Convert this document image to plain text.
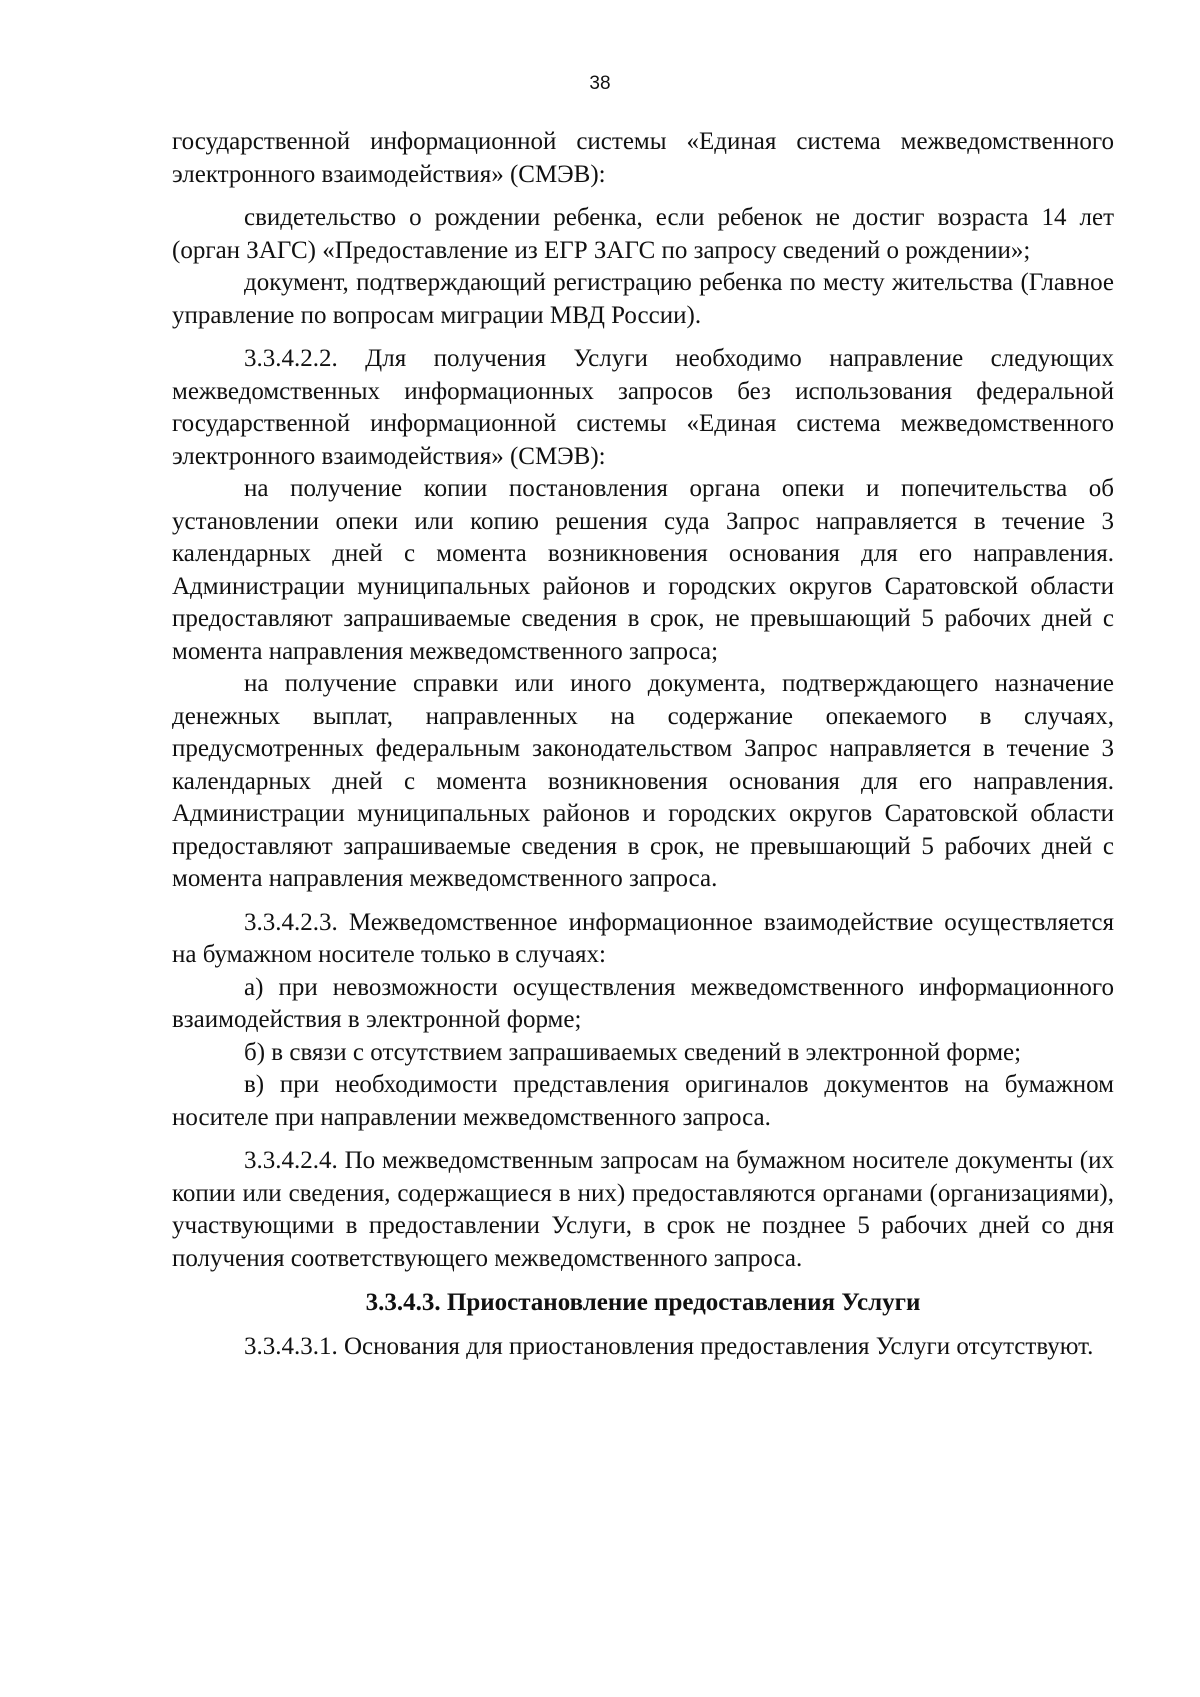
38

государственной информационной системы «Единая система межведомственного электронного взаимодействия» (СМЭВ):

свидетельство о рождении ребенка, если ребенок не достиг возраста 14 лет (орган ЗАГС) «Предоставление из ЕГР ЗАГС по запросу сведений о рождении»;

документ, подтверждающий регистрацию ребенка по месту жительства (Главное управление по вопросам миграции МВД России).

3.3.4.2.2. Для получения Услуги необходимо направление следующих межведомственных информационных запросов без использования федеральной государственной информационной системы «Единая система межведомственного электронного взаимодействия» (СМЭВ):

на получение копии постановления органа опеки и попечительства об установлении опеки или копию решения суда Запрос направляется в течение 3 календарных дней с момента возникновения основания для его направления. Администрации муниципальных районов и городских округов Саратовской области предоставляют запрашиваемые сведения в срок, не превышающий 5 рабочих дней с момента направления межведомственного запроса;

на получение справки или иного документа, подтверждающего назначение денежных выплат, направленных на содержание опекаемого в случаях, предусмотренных федеральным законодательством Запрос направляется в течение 3 календарных дней с момента возникновения основания для его направления. Администрации муниципальных районов и городских округов Саратовской области предоставляют запрашиваемые сведения в срок, не превышающий 5 рабочих дней с момента направления межведомственного запроса.

3.3.4.2.3. Межведомственное информационное взаимодействие осуществляется на бумажном носителе только в случаях:

а) при невозможности осуществления межведомственного информационного взаимодействия в электронной форме;

б) в связи с отсутствием запрашиваемых сведений в электронной форме;

в) при необходимости представления оригиналов документов на бумажном носителе при направлении межведомственного запроса.

3.3.4.2.4. По межведомственным запросам на бумажном носителе документы (их копии или сведения, содержащиеся в них) предоставляются органами (организациями), участвующими в предоставлении Услуги, в срок не позднее 5 рабочих дней со дня получения соответствующего межведомственного запроса.

3.3.4.3. Приостановление предоставления Услуги

3.3.4.3.1. Основания для приостановления предоставления Услуги отсутствуют.
